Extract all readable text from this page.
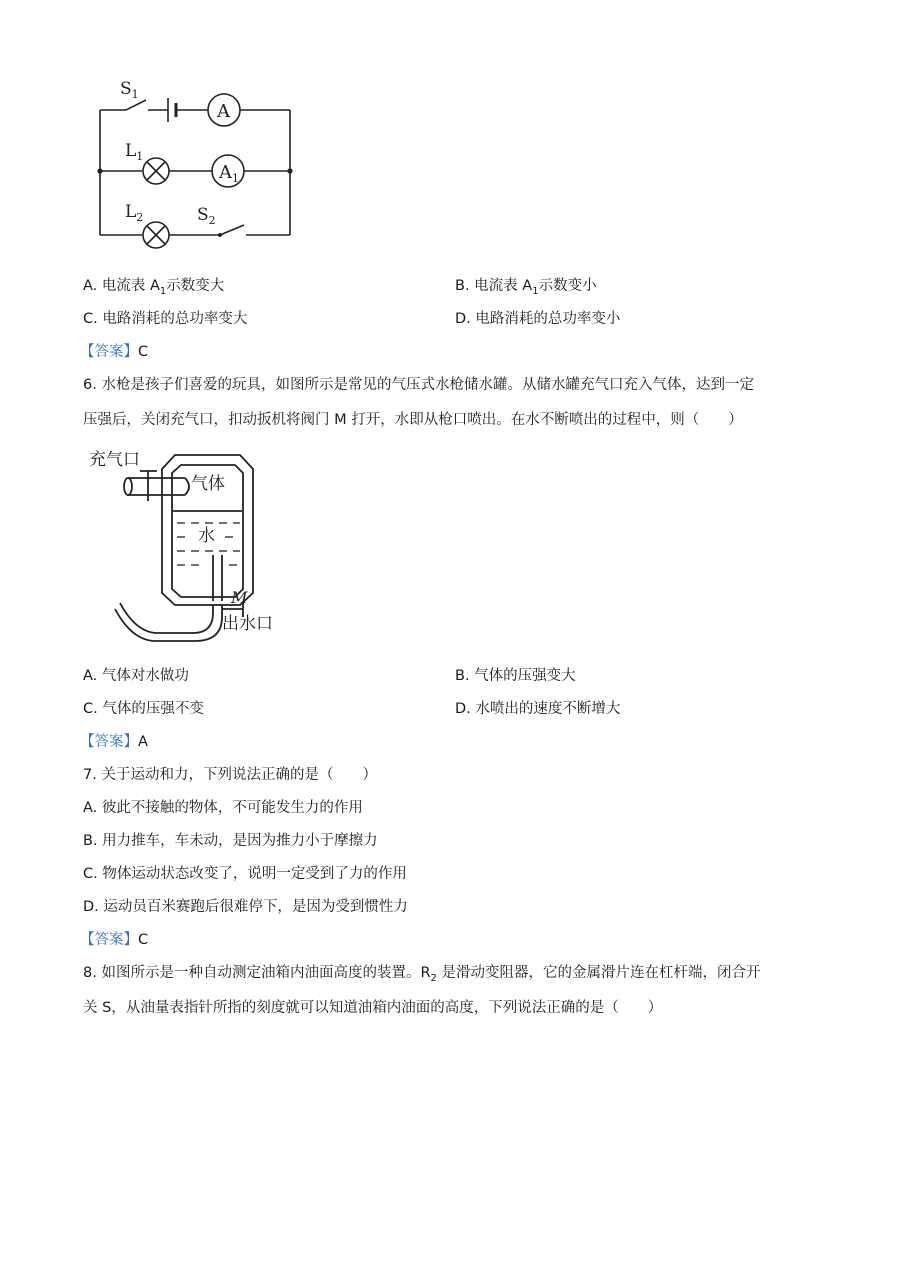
$S_1$
A
$L_1$
$A_1$
$L_2$	$S_2$
A. 电流表 $A_1$示数变大	B. 电流表 $A_1$示数变小
C. 电路消耗的总功率变大	D. 电路消耗的总功率变小
【答案】C
6. 水枪是孩子们喜爱的玩具，如图所示是常见的气压式水枪储水罐。从储水罐充气口充入气体，达到一定
压强后，关闭充气口，扣动扳机将阀门 M 打开，水即从枪口喷出。在水不断喷出的过程中，则（　　）
充气口
气体
水
M
出水口
A. 气体对水做功	B. 气体的压强变大
C. 气体的压强不变	D. 水喷出的速度不断增大
【答案】A
7. 关于运动和力，下列说法正确的是（　　）
A. 彼此不接触的物体，不可能发生力的作用
B. 用力推车，车未动，是因为推力小于摩擦力
C. 物体运动状态改变了，说明一定受到了力的作用
D. 运动员百米赛跑后很难停下，是因为受到惯性力
【答案】C
8. 如图所示是一种自动测定油箱内油面高度的装置。$R_2$ 是滑动变阻器，它的金属滑片连在杠杆端，闭合开
关 S，从油量表指针所指的刻度就可以知道油箱内油面的高度，下列说法正确的是（　　）
